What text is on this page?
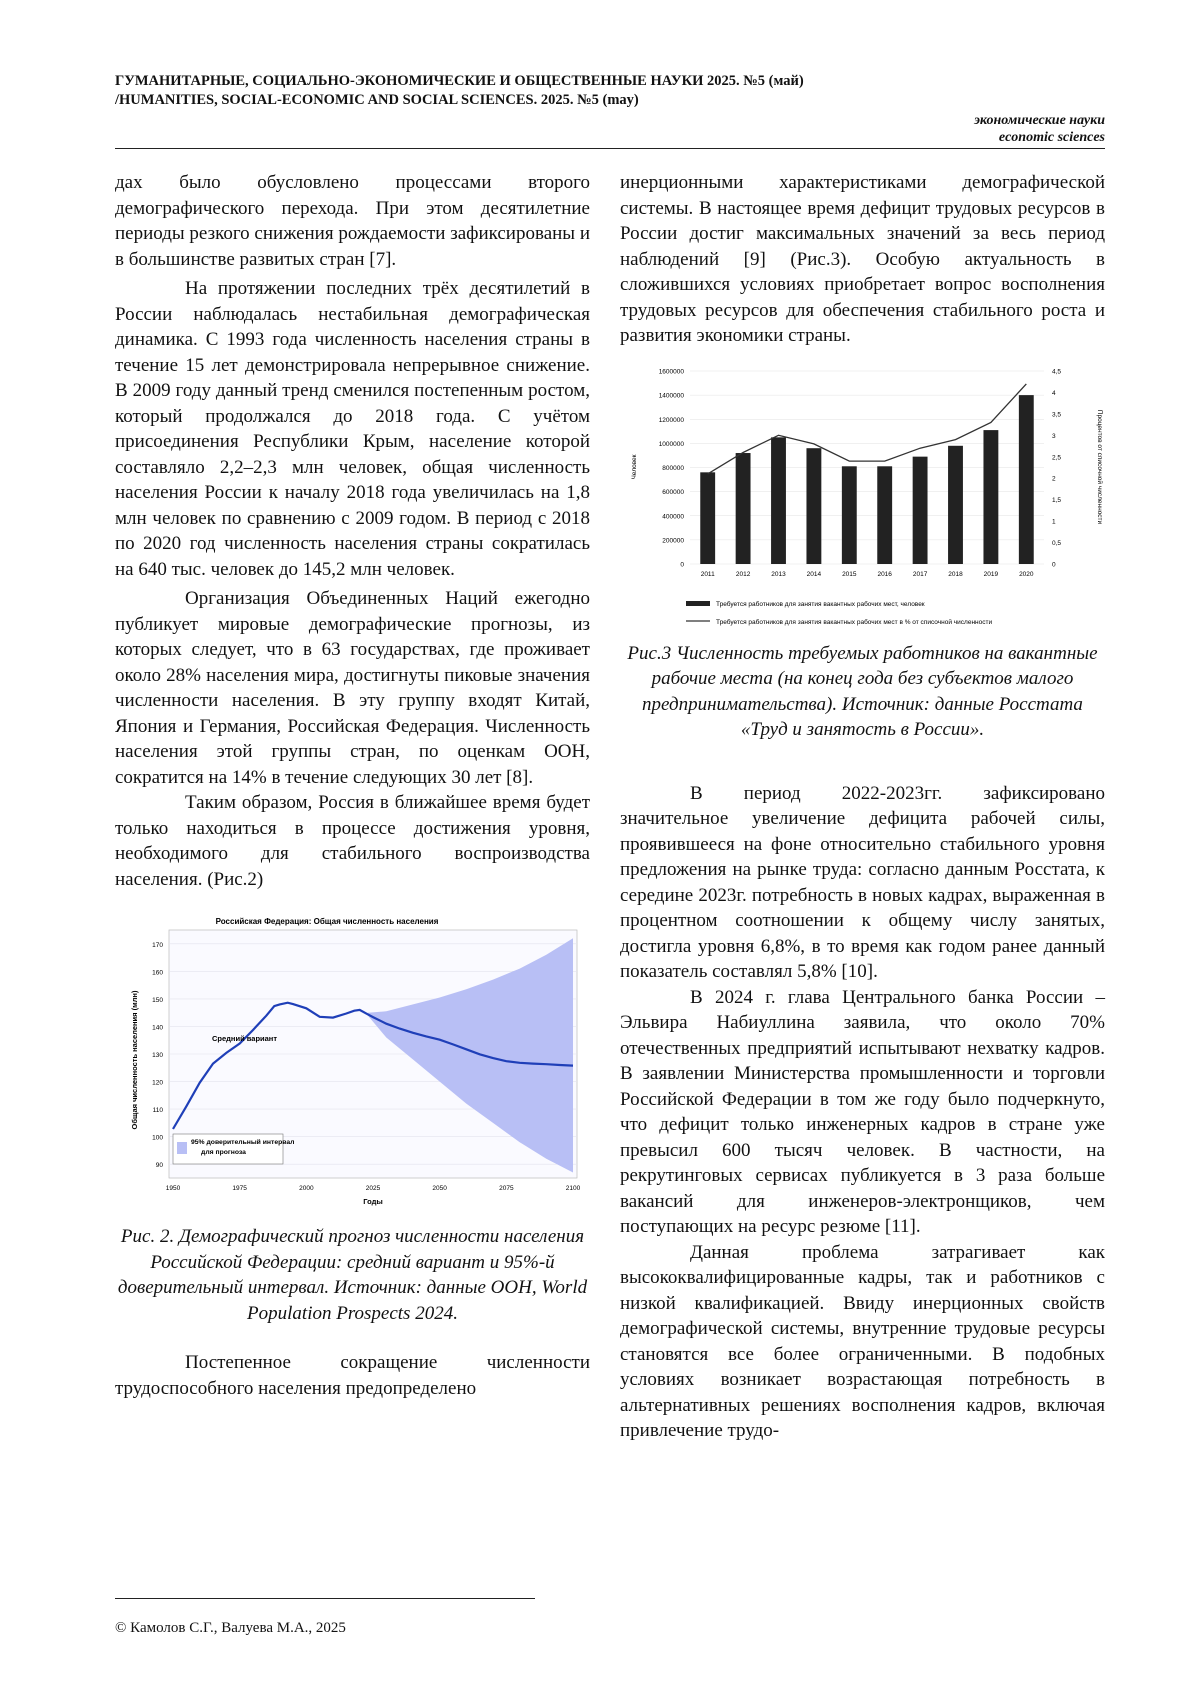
ГУМАНИТАРНЫЕ, СОЦИАЛЬНО-ЭКОНОМИЧЕСКИЕ И ОБЩЕСТВЕННЫЕ НАУКИ 2025. №5 (май)
/HUMANITIES, SOCIAL-ECONOMIC AND SOCIAL SCIENCES. 2025. №5 (may)
экономические науки
economic sciences

дах было обусловлено процессами второго демографического перехода. При этом десятилетние периоды резкого снижения рождаемости зафиксированы и в большинстве развитых стран [7].

На протяжении последних трёх десятилетий в России наблюдалась нестабильная демографическая динамика. С 1993 года численность населения страны в течение 15 лет демонстрировала непрерывное снижение. В 2009 году данный тренд сменился постепенным ростом, который продолжался до 2018 года. С учётом присоединения Республики Крым, население которой составляло 2,2–2,3 млн человек, общая численность населения России к началу 2018 года увеличилась на 1,8 млн человек по сравнению с 2009 годом. В период с 2018 по 2020 год численность населения страны сократилась на 640 тыс. человек до 145,2 млн человек.

Организация Объединенных Наций ежегодно публикует мировые демографические прогнозы, из которых следует, что в 63 государствах, где проживает около 28% населения мира, достигнуты пиковые значения численности населения. В эту группу входят Китай, Япония и Германия, Российская Федерация. Численность населения этой группы стран, по оценкам ООН, сократится на 14% в течение следующих 30 лет [8].

Таким образом, Россия в ближайшее время будет только находиться в процессе достижения уровня, необходимого для стабильного воспроизводства населения. (Рис.2)

Российская Федерация: Общая численность населения
90
100
110
120
130
140
150
160
170
1950	1975	2000	2025	2050	2075	2100
Общая численность населения (млн)
Годы
Средний вариант
95% доверительный интервал для прогноза

Рис. 2. Демографический прогноз численности населения Российской Федерации: средний вариант и 95%-й доверительный интервал. Источник: данные ООН, World Population Prospects 2024.

Постепенное сокращение численности трудоспособного населения предопределено

инерционными характеристиками демографической системы. В настоящее время дефицит трудовых ресурсов в России достиг максимальных значений за весь период наблюдений [9] (Рис.3). Особую актуальность в сложившихся условиях приобретает вопрос восполнения трудовых ресурсов для обеспечения стабильного роста и развития экономики страны.

0
200000
400000
600000
800000
1000000
1200000
1400000
1600000
0
0,5
1
1,5
2
2,5
3
3,5
4
4,5
2011	2012	2013	2014	2015	2016	2017	2018	2019	2020
Человек	Процентов от списочной численности
Требуется работников для занятия вакантных рабочих мест, человек
Требуется работников для занятия вакантных рабочих мест в % от списочной численности

Рис.3 Численность требуемых работников на вакантные рабочие места (на конец года без субъектов малого предпринимательства). Источник: данные Росстата «Труд и занятость в России».

В период 2022-2023гг. зафиксировано значительное увеличение дефицита рабочей силы, проявившееся на фоне относительно стабильного уровня предложения на рынке труда: согласно данным Росстата, к середине 2023г. потребность в новых кадрах, выраженная в процентном соотношении к общему числу занятых, достигла уровня 6,8%, в то время как годом ранее данный показатель составлял 5,8% [10].

В 2024 г. глава Центрального банка России – Эльвира Набиуллина заявила, что около 70% отечественных предприятий испытывают нехватку кадров. В заявлении Министерства промышленности и торговли Российской Федерации в том же году было подчеркнуто, что дефицит только инженерных кадров в стране уже превысил 600 тысяч человек. В частности, на рекрутинговых сервисах публикуется в 3 раза больше вакансий для инженеров-электронщиков, чем поступающих на ресурс резюме [11].

Данная проблема затрагивает как высококвалифицированные кадры, так и работников с низкой квалификацией. Ввиду инерционных свойств демографической системы, внутренние трудовые ресурсы становятся все более ограниченными. В подобных условиях возникает возрастающая потребность в альтернативных решениях восполнения кадров, включая привлечение трудо-

© Камолов С.Г., Валуева М.А., 2025
